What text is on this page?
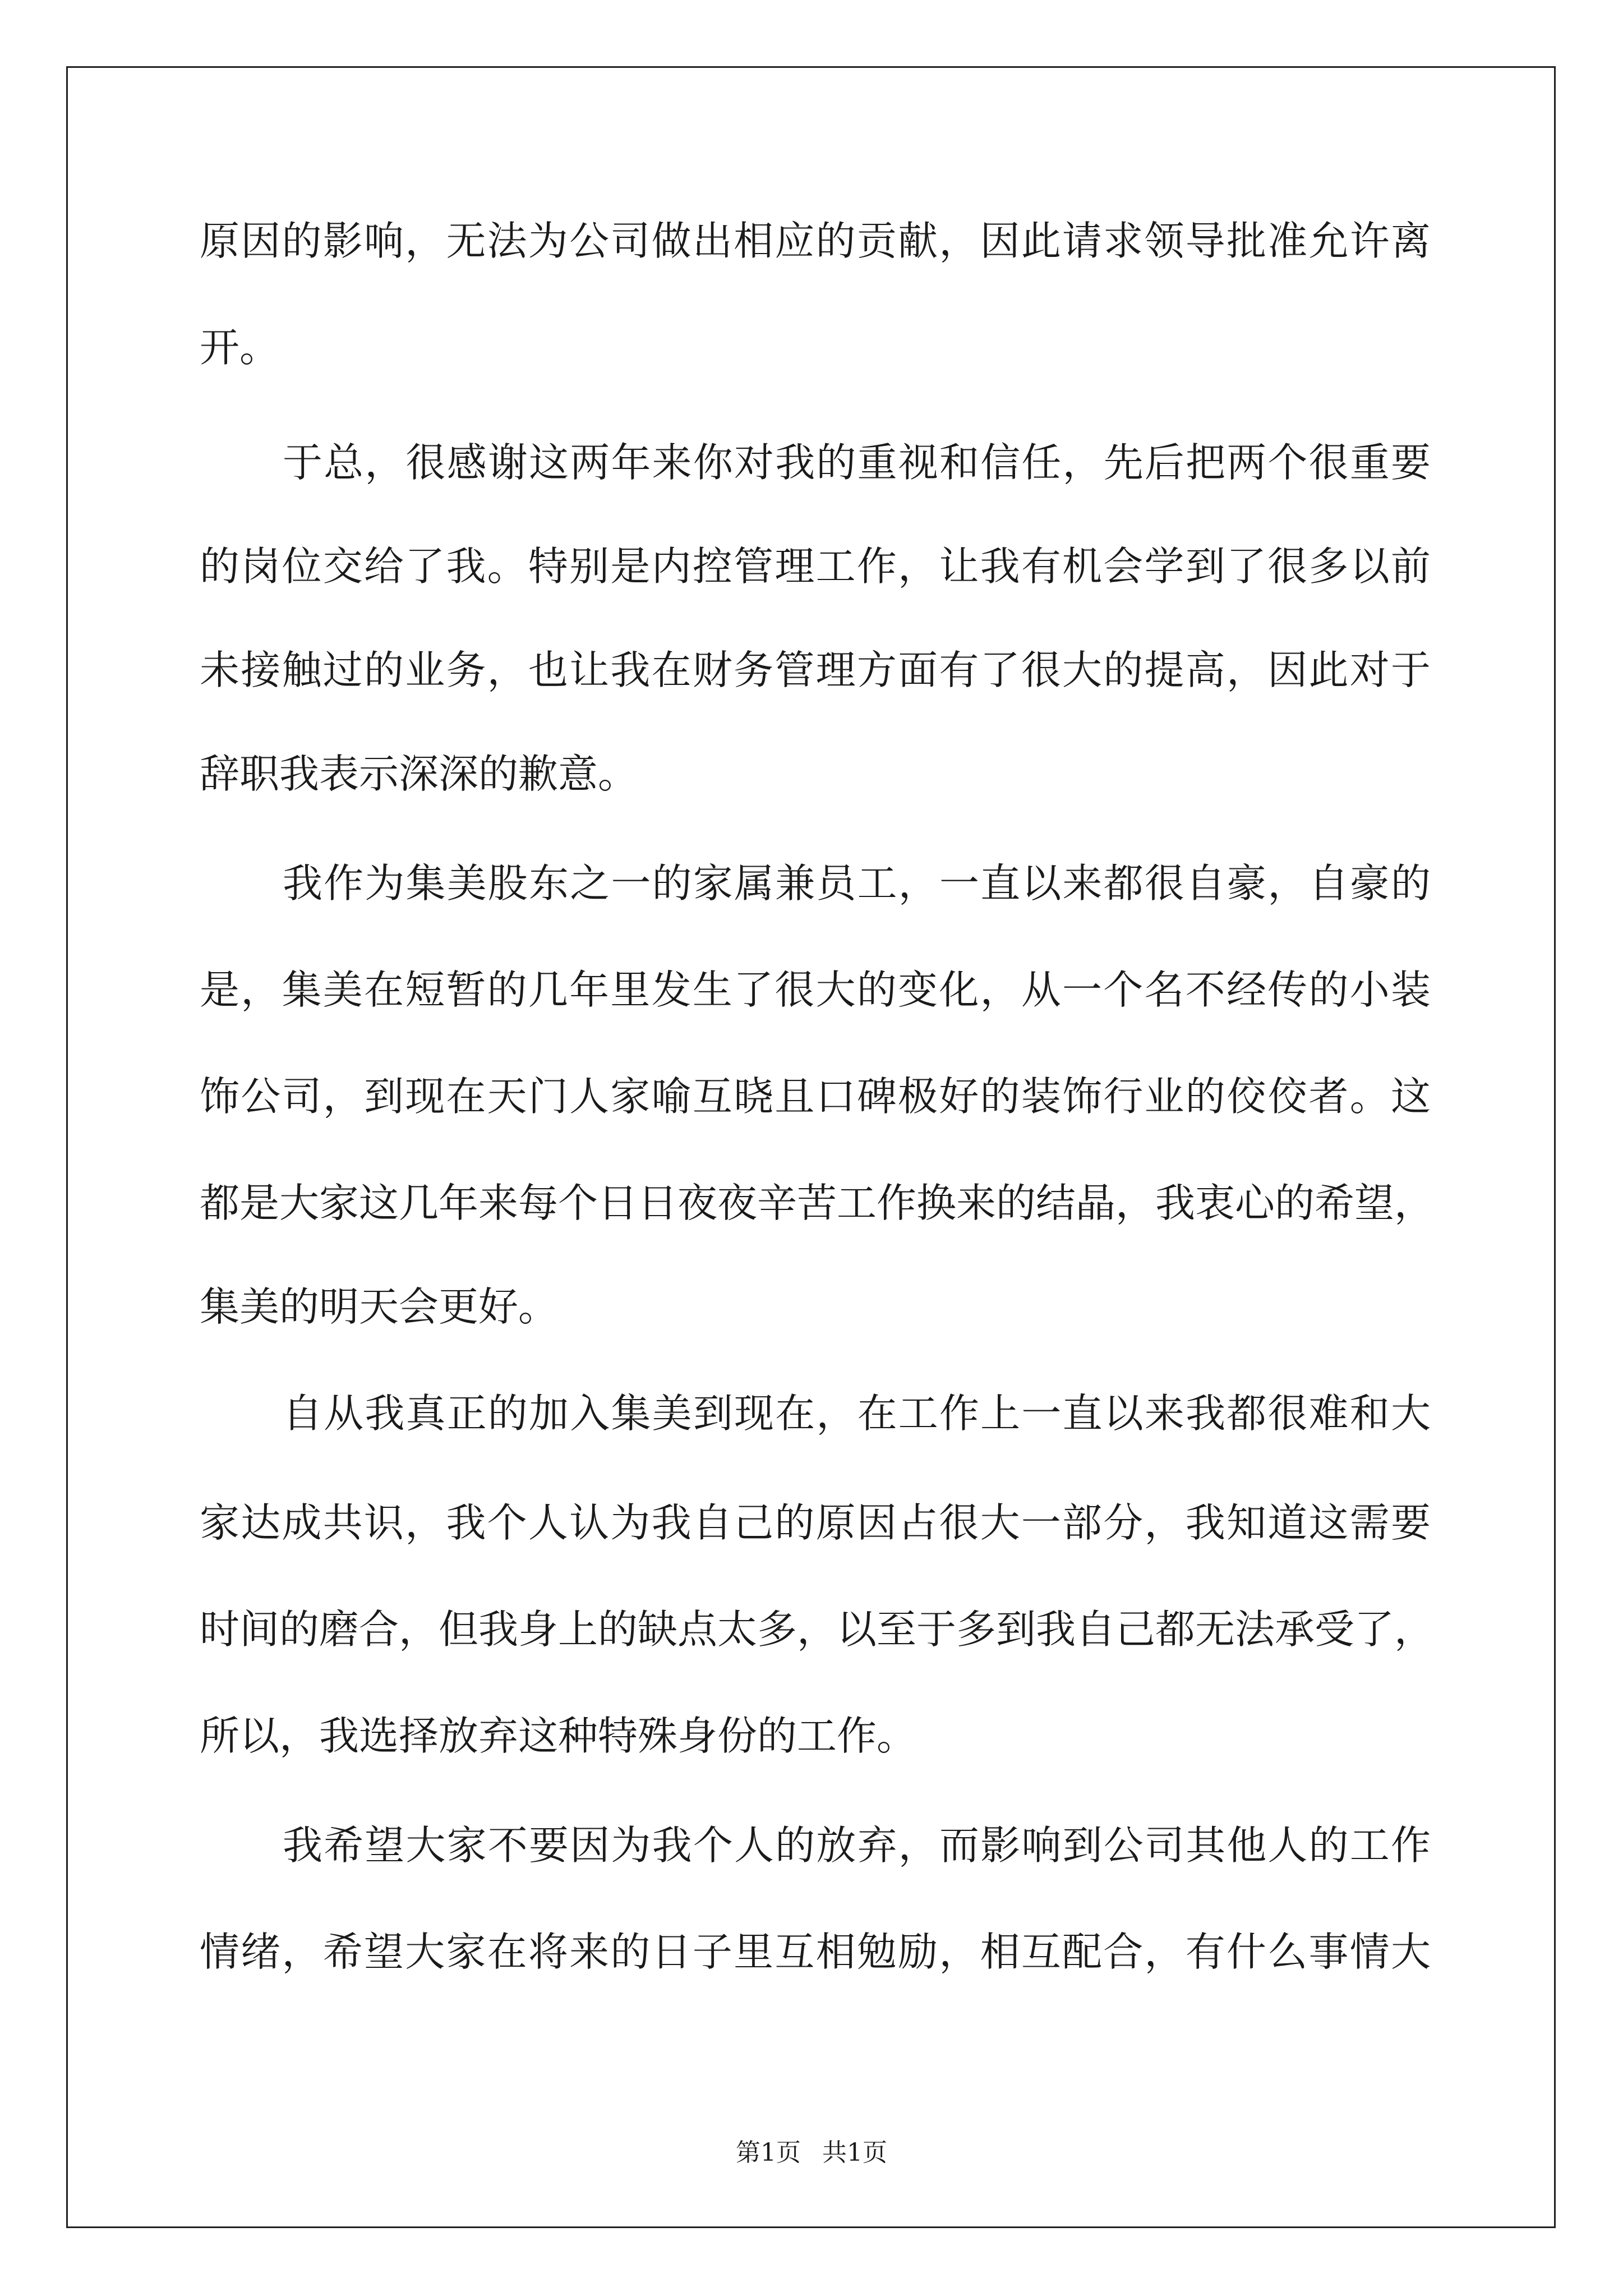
原因的影响，无法为公司做出相应的贡献，因此请求领导批准允许离
开。
于总，很感谢这两年来你对我的重视和信任，先后把两个很重要
的岗位交给了我。特别是内控管理工作，让我有机会学到了很多以前
未接触过的业务，也让我在财务管理方面有了很大的提高，因此对于
辞职我表示深深的歉意。
我作为集美股东之一的家属兼员工，一直以来都很自豪，自豪的
是，集美在短暂的几年里发生了很大的变化，从一个名不经传的小装
饰公司，到现在天门人家喻互晓且口碑极好的装饰行业的佼佼者。这
都是大家这几年来每个日日夜夜辛苦工作换来的结晶，我衷心的希望，
集美的明天会更好。
自从我真正的加入集美到现在，在工作上一直以来我都很难和大
家达成共识，我个人认为我自己的原因占很大一部分，我知道这需要
时间的磨合，但我身上的缺点太多，以至于多到我自己都无法承受了，
所以，我选择放弃这种特殊身份的工作。
我希望大家不要因为我个人的放弃，而影响到公司其他人的工作
情绪，希望大家在将来的日子里互相勉励，相互配合，有什么事情大
第1页 共1页
